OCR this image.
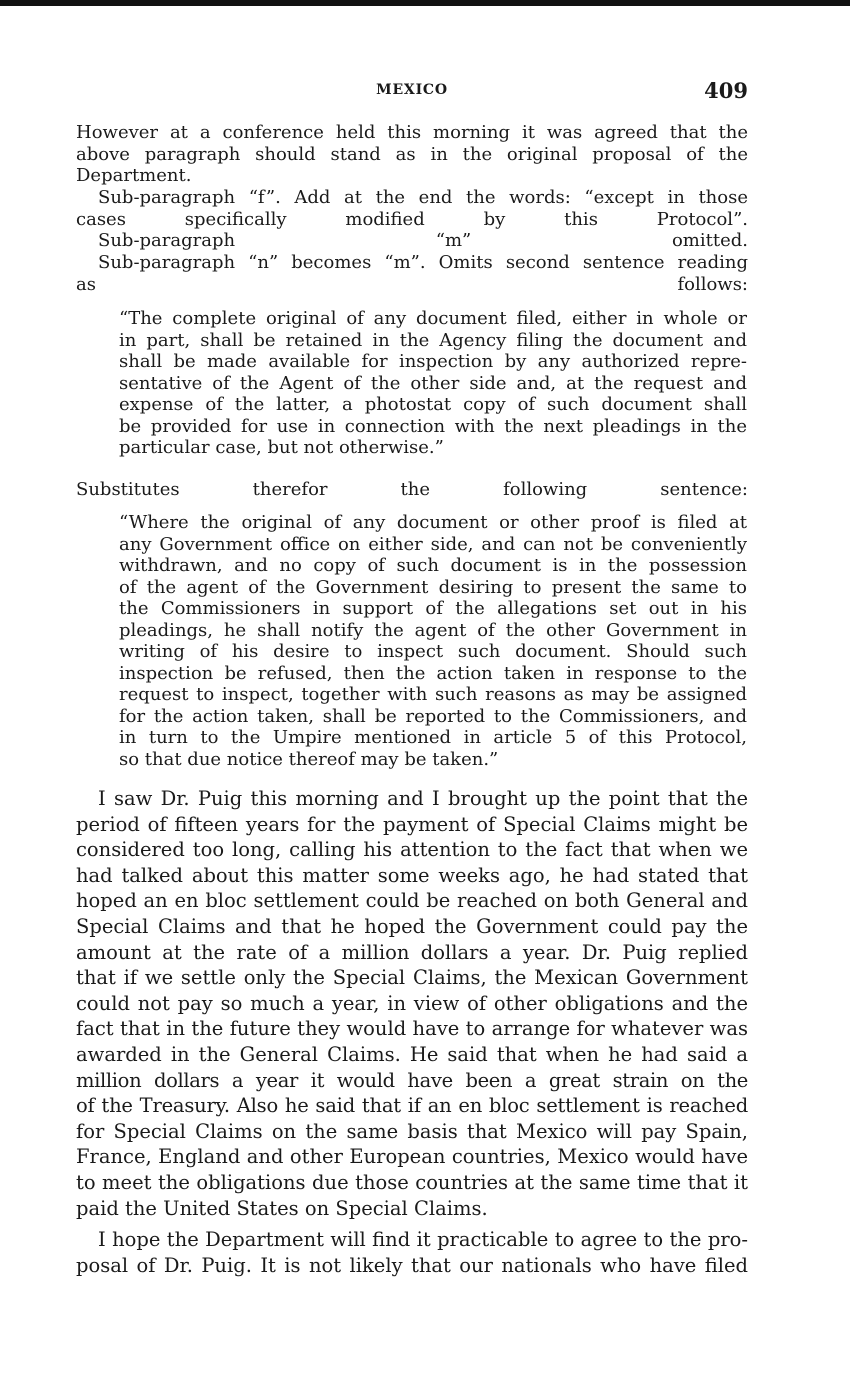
MEXICO	409
However at a conference held this morning it was agreed that the
above paragraph should stand as in the original proposal of the
Department.
Sub-paragraph “f”. Add at the end the words: “except in those
cases specifically modified by this Protocol”.
Sub-paragraph “m” omitted.
Sub-paragraph “n” becomes “m”. Omits second sentence reading
as follows:
“The complete original of any document filed, either in whole or
in part, shall be retained in the Agency filing the document and
shall be made available for inspection by any authorized repre-
sentative of the Agent of the other side and, at the request and
expense of the latter, a photostat copy of such document shall
be provided for use in connection with the next pleadings in the
particular case, but not otherwise.”
Substitutes therefor the following sentence:
“Where the original of any document or other proof is filed at
any Government office on either side, and can not be conveniently
withdrawn, and no copy of such document is in the possession
of the agent of the Government desiring to present the same to
the Commissioners in support of the allegations set out in his
pleadings, he shall notify the agent of the other Government in
writing of his desire to inspect such document. Should such
inspection be refused, then the action taken in response to the
request to inspect, together with such reasons as may be assigned
for the action taken, shall be reported to the Commissioners, and
in turn to the Umpire mentioned in article 5 of this Protocol,
so that due notice thereof may be taken.”
I saw Dr. Puig this morning and I brought up the point that the
period of fifteen years for the payment of Special Claims might be
considered too long, calling his attention to the fact that when we
had talked about this matter some weeks ago, he had stated that
hoped an en bloc settlement could be reached on both General and
Special Claims and that he hoped the Government could pay the
amount at the rate of a million dollars a year. Dr. Puig replied
that if we settle only the Special Claims, the Mexican Government
could not pay so much a year, in view of other obligations and the
fact that in the future they would have to arrange for whatever was
awarded in the General Claims. He said that when he had said a
million dollars a year it would have been a great strain on the
of the Treasury. Also he said that if an en bloc settlement is reached
for Special Claims on the same basis that Mexico will pay Spain,
France, England and other European countries, Mexico would have
to meet the obligations due those countries at the same time that it
paid the United States on Special Claims.
I hope the Department will find it practicable to agree to the pro-
posal of Dr. Puig. It is not likely that our nationals who have filed
